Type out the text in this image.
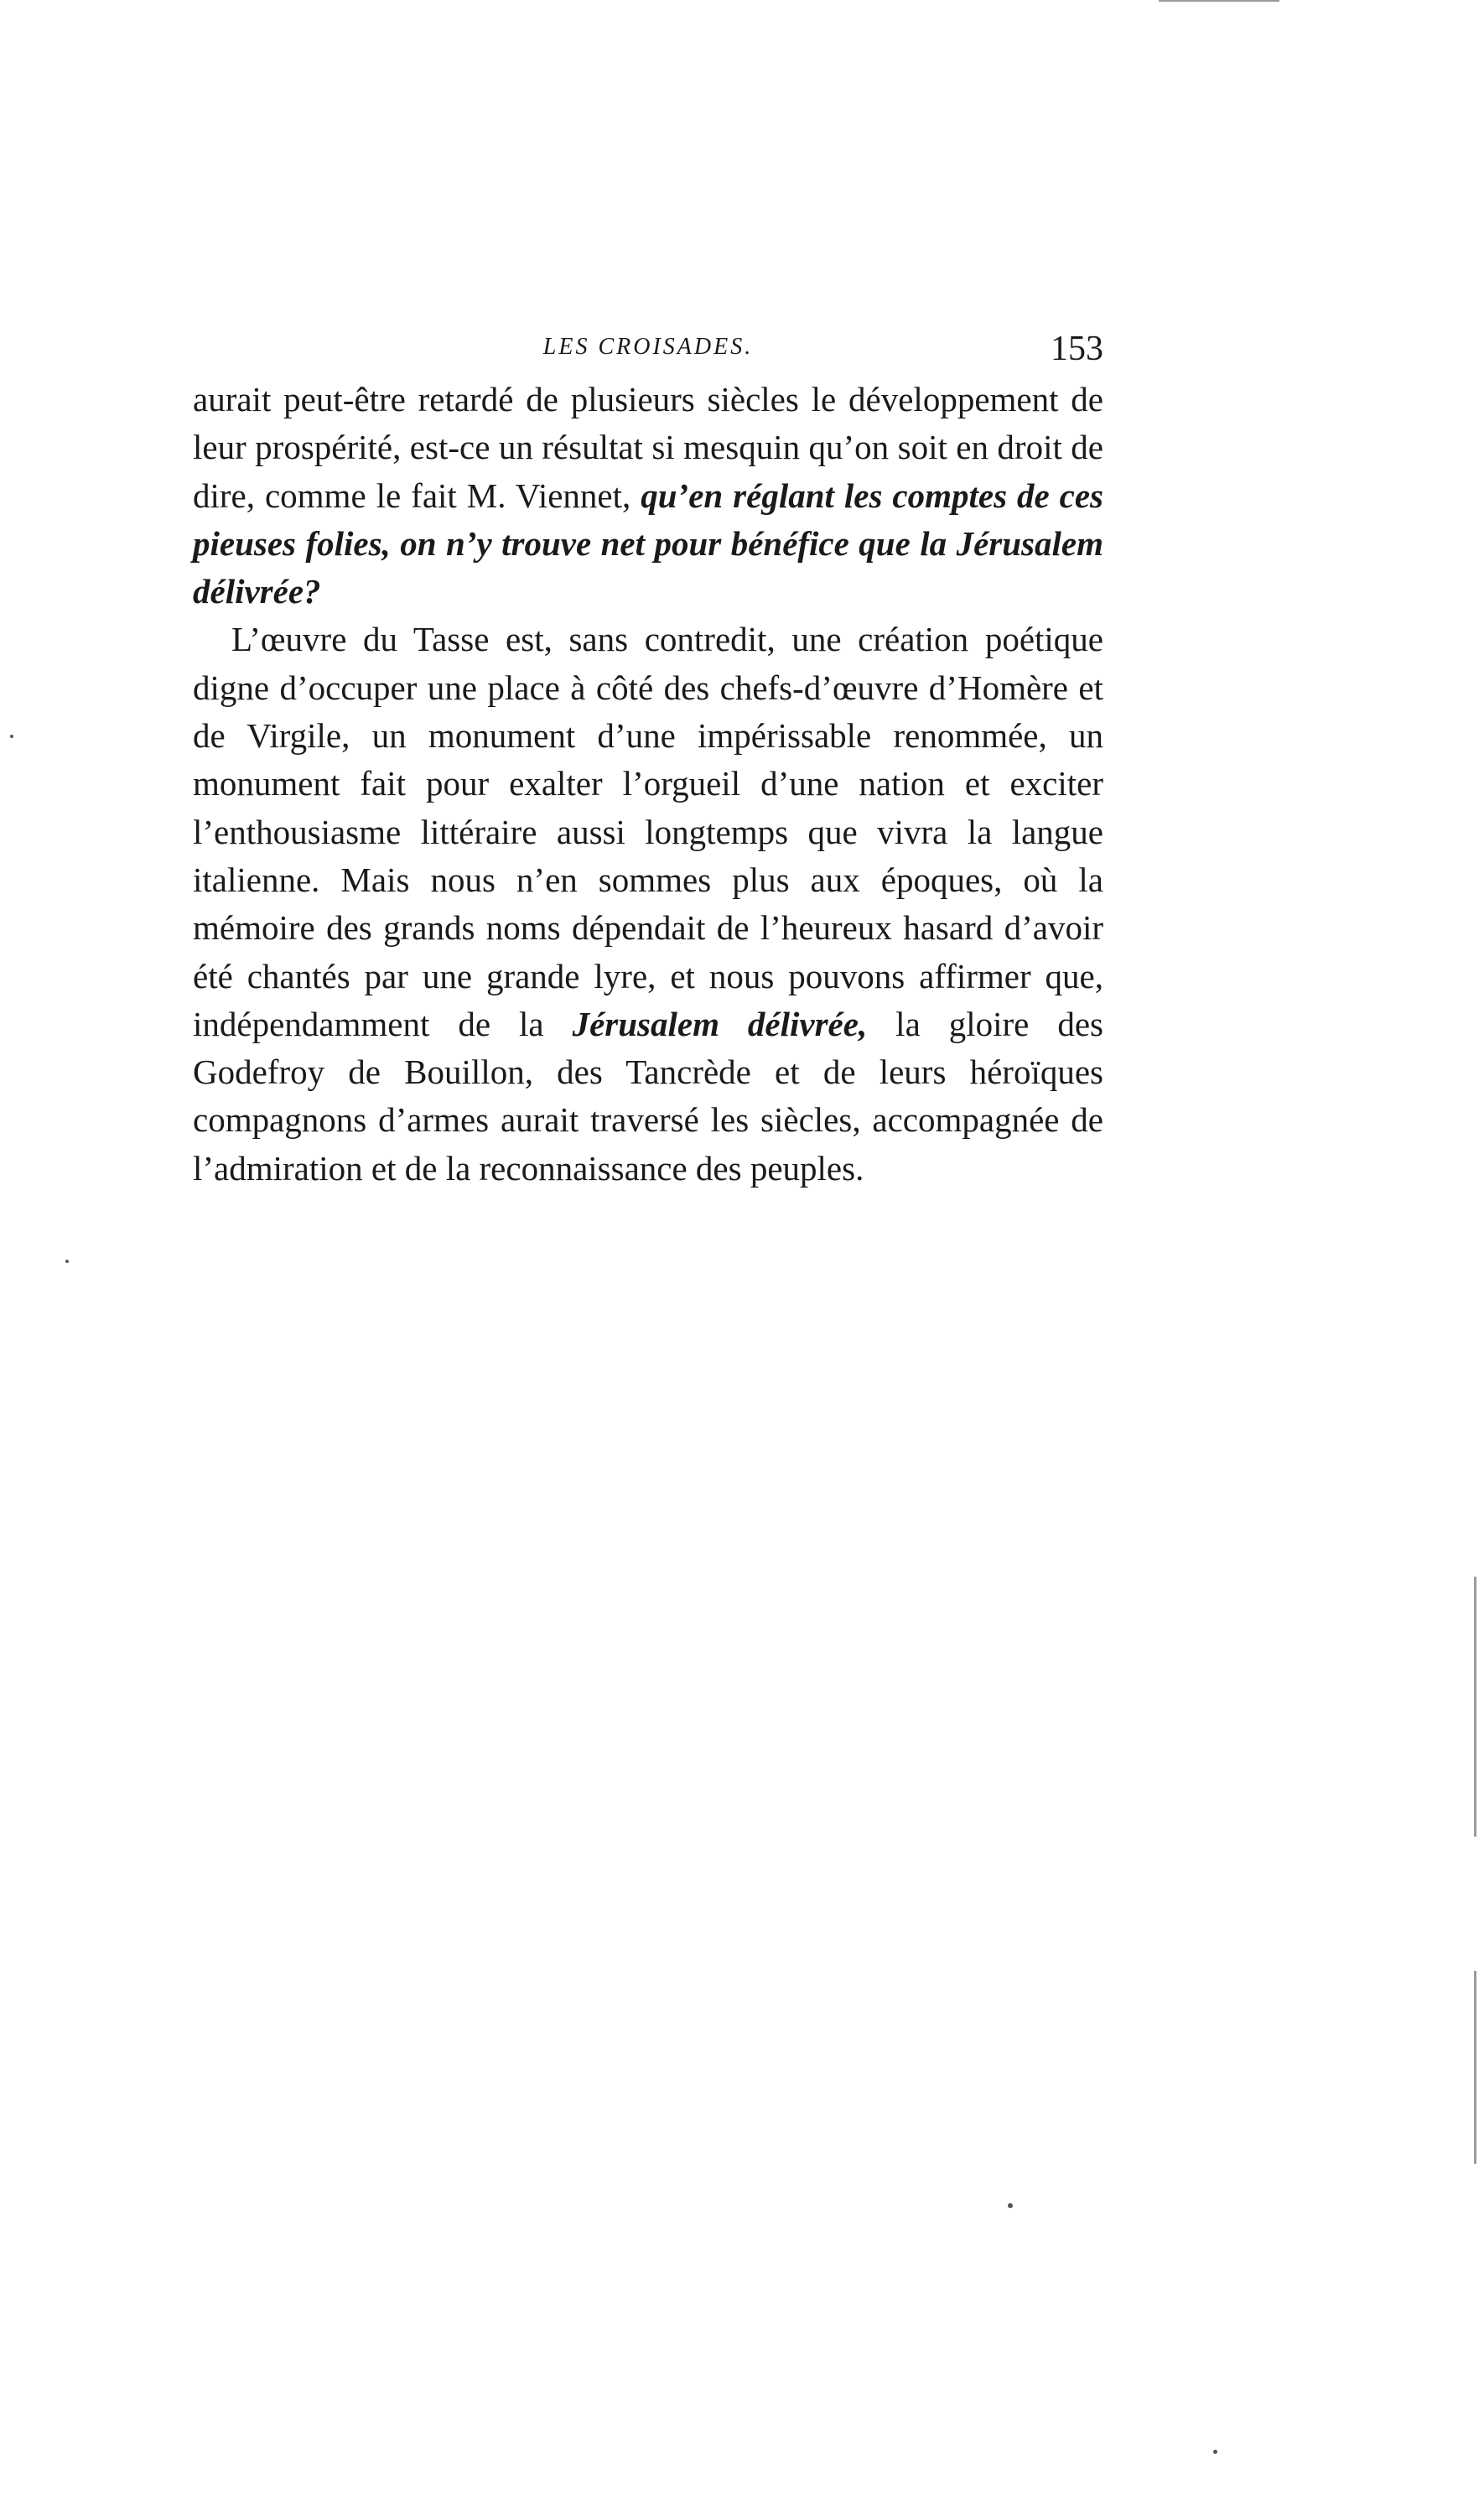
LES CROISADES.	153

aurait peut-être retardé de plusieurs siècles le développement de leur prospérité, est-ce un résultat si mesquin qu’on soit en droit de dire, comme le fait M. Viennet, qu’en réglant les comptes de ces pieuses folies, on n’y trouve net pour bénéfice que la Jérusalem délivrée?

L’œuvre du Tasse est, sans contredit, une création poétique digne d’occuper une place à côté des chefs-d’œuvre d’Homère et de Virgile, un monument d’une impérissable renommée, un monument fait pour exalter l’orgueil d’une nation et exciter l’enthousiasme littéraire aussi longtemps que vivra la langue italienne. Mais nous n’en sommes plus aux époques, où la mémoire des grands noms dépendait de l’heureux hasard d’avoir été chantés par une grande lyre, et nous pouvons affirmer que, indépendamment de la Jérusalem délivrée, la gloire des Godefroy de Bouillon, des Tancrède et de leurs héroïques compagnons d’armes aurait traversé les siècles, accompagnée de l’admiration et de la reconnaissance des peuples.
